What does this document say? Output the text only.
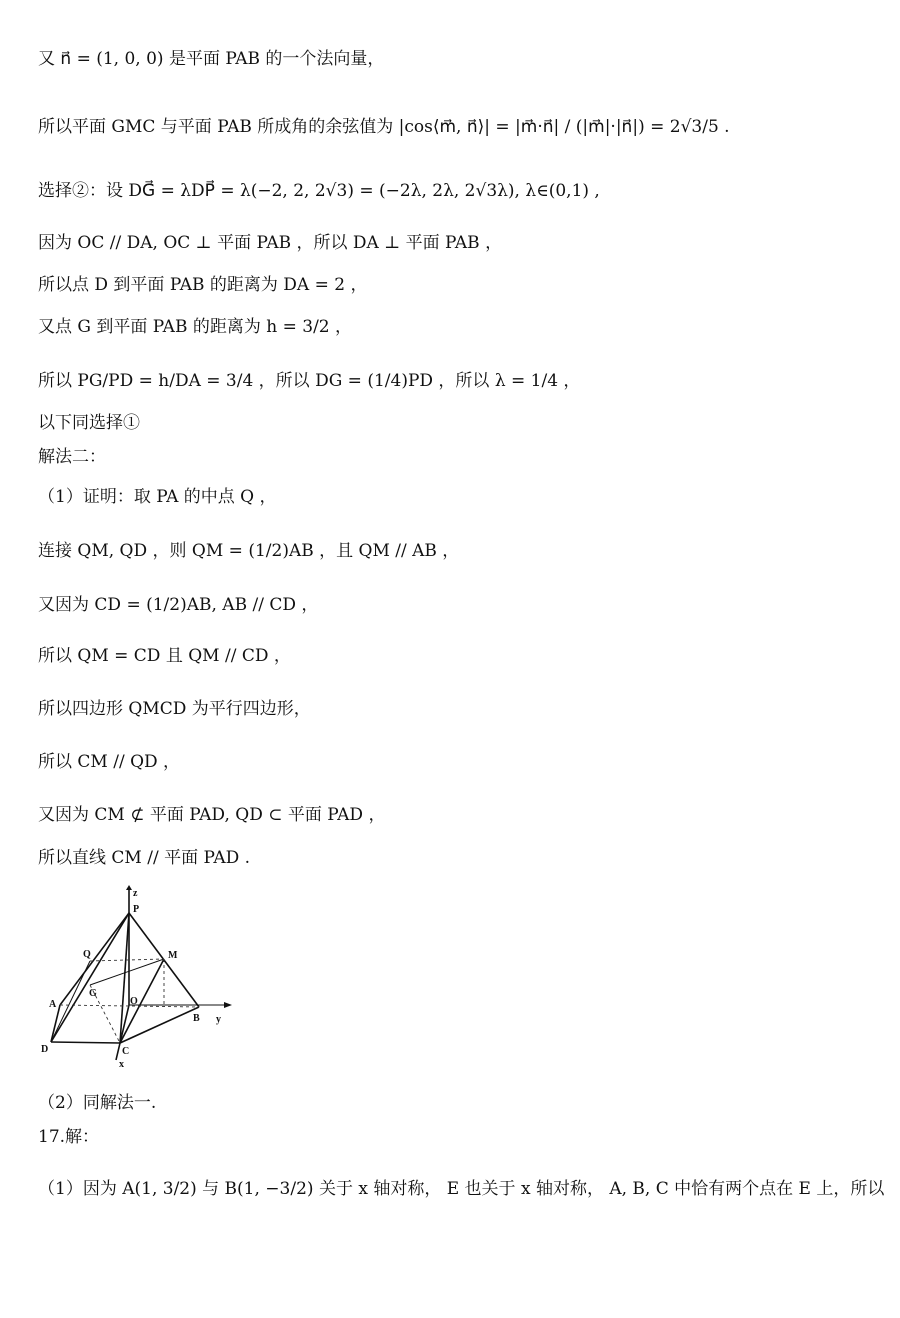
又 n⃗ = (1, 0, 0) 是平面 PAB 的一个法向量，
所以平面 GMC 与平面 PAB 所成角的余弦值为 |cos⟨m⃗, n⃗⟩| = |m⃗·n⃗| / (|m⃗|·|n⃗|) = 2√3/5 .
选择②：设 DG⃗ = λDP⃗ = λ(−2, 2, 2√3) = (−2λ, 2λ, 2√3λ), λ∈(0,1) ,
因为 OC // DA, OC ⊥ 平面 PAB ，所以 DA ⊥ 平面 PAB ，
所以点 D 到平面 PAB 的距离为 DA = 2 ，
又点 G 到平面 PAB 的距离为 h = 3/2 ，
所以 PG/PD = h/DA = 3/4 ，所以 DG = (1/4)PD ，所以 λ = 1/4 ，
以下同选择①
解法二：
（1）证明：取 PA 的中点 Q ，
连接 QM, QD ，则 QM = (1/2)AB ，且 QM // AB ，
又因为 CD = (1/2)AB, AB // CD ，
所以 QM = CD 且 QM // CD ，
所以四边形 QMCD 为平行四边形，
所以 CM // QD ，
又因为 CM ⊄ 平面 PAD, QD ⊂ 平面 PAD ，
所以直线 CM // 平面 PAD .
z
P
Q	M
G
A	O
B y
D	C
x
（2）同解法一.
17.解：
（1）因为 A(1, 3/2) 与 B(1, −3/2) 关于 x 轴对称， E 也关于 x 轴对称， A, B, C 中恰有两个点在 E 上，所以
